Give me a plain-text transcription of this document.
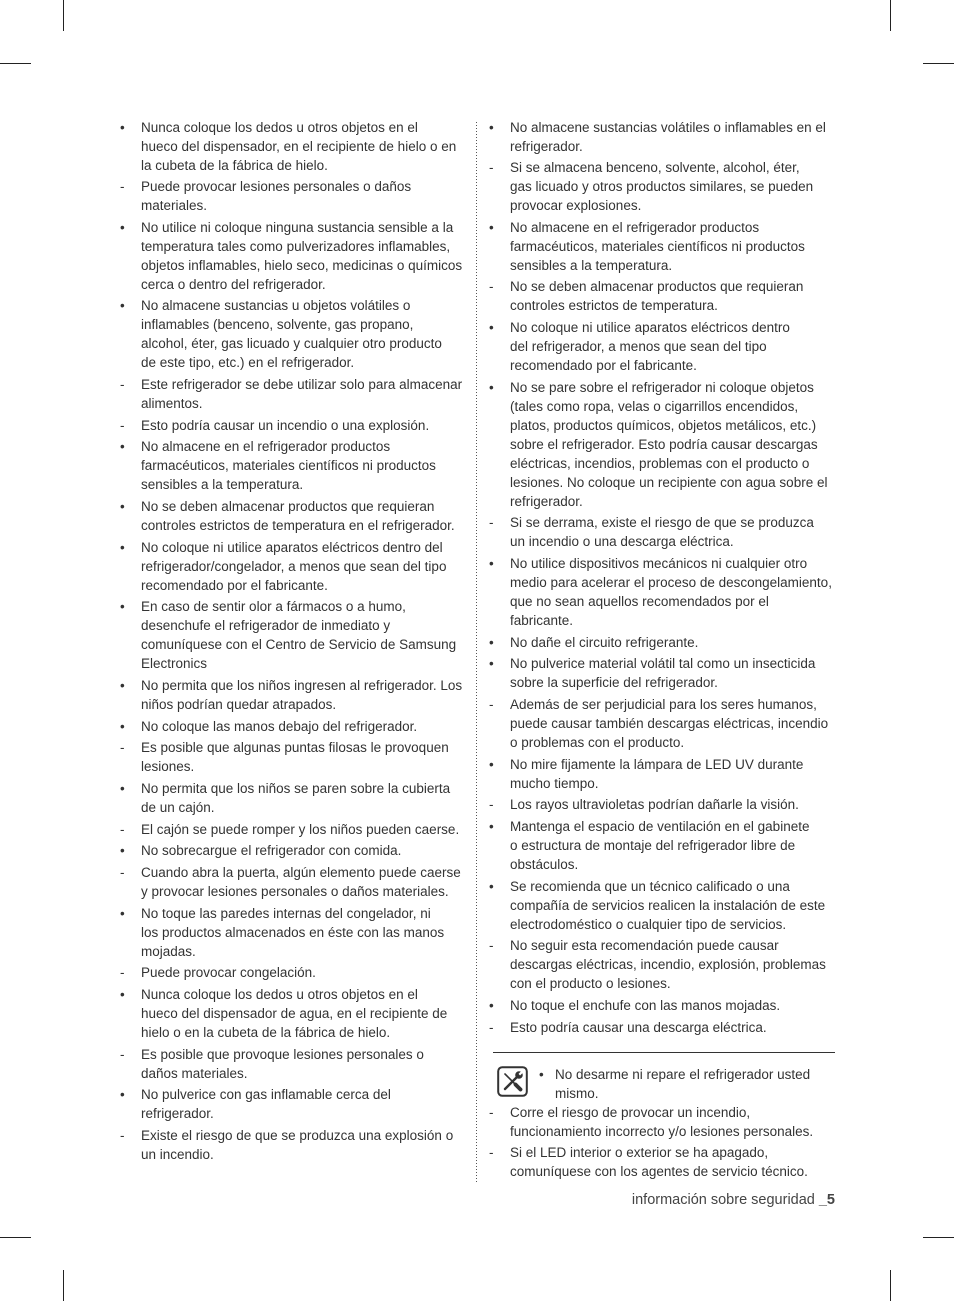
•	Nunca coloque los dedos u otros objetos en el
hueco del dispensador, en el recipiente de hielo o en
la cubeta de la fábrica de hielo.
-	Puede provocar lesiones personales o daños
materiales.
•	No utilice ni coloque ninguna sustancia sensible a la
temperatura tales como pulverizadores inflamables,
objetos inflamables, hielo seco, medicinas o químicos
cerca o dentro del refrigerador.
•	No almacene sustancias u objetos volátiles o
inflamables (benceno, solvente, gas propano,
alcohol, éter, gas licuado y cualquier otro producto
de este tipo, etc.) en el refrigerador.
-	Este refrigerador se debe utilizar solo para almacenar
alimentos.
-	Esto podría causar un incendio o una explosión.
•	No almacene en el refrigerador productos
farmacéuticos, materiales científicos ni productos
sensibles a la temperatura.
•	No se deben almacenar productos que requieran
controles estrictos de temperatura en el refrigerador.
•	No coloque ni utilice aparatos eléctricos dentro del
refrigerador/congelador, a menos que sean del tipo
recomendado por el fabricante.
•	En caso de sentir olor a fármacos o a humo,
desenchufe el refrigerador de inmediato y
comuníquese con el Centro de Servicio de Samsung
Electronics
•	No permita que los niños ingresen al refrigerador. Los
niños podrían quedar atrapados.
•	No coloque las manos debajo del refrigerador.
-	Es posible que algunas puntas filosas le provoquen
lesiones.
•	No permita que los niños se paren sobre la cubierta
de un cajón.
-	El cajón se puede romper y los niños pueden caerse.
•	No sobrecargue el refrigerador con comida.
-	Cuando abra la puerta, algún elemento puede caerse
y provocar lesiones personales o daños materiales.
•	No toque las paredes internas del congelador, ni
los productos almacenados en éste con las manos
mojadas.
-	Puede provocar congelación.
•	Nunca coloque los dedos u otros objetos en el
hueco del dispensador de agua, en el recipiente de
hielo o en la cubeta de la fábrica de hielo.
-	Es posible que provoque lesiones personales o
daños materiales.
•	No pulverice con gas inflamable cerca del
refrigerador.
-	Existe el riesgo de que se produzca una explosión o
un incendio.
•	No almacene sustancias volátiles o inflamables en el
refrigerador.
-	Si se almacena benceno, solvente, alcohol, éter,
gas licuado y otros productos similares, se pueden
provocar explosiones.
•	No almacene en el refrigerador productos
farmacéuticos, materiales científicos ni productos
sensibles a la temperatura.
-	No se deben almacenar productos que requieran
controles estrictos de temperatura.
•	No coloque ni utilice aparatos eléctricos dentro
del refrigerador, a menos que sean del tipo
recomendado por el fabricante.
•	No se pare sobre el refrigerador ni coloque objetos
(tales como ropa, velas o cigarrillos encendidos,
platos, productos químicos, objetos metálicos, etc.)
sobre el refrigerador. Esto podría causar descargas
eléctricas, incendios, problemas con el producto o
lesiones. No coloque un recipiente con agua sobre el
refrigerador.
-	Si se derrama, existe el riesgo de que se produzca
un incendio o una descarga eléctrica.
•	No utilice dispositivos mecánicos ni cualquier otro
medio para acelerar el proceso de descongelamiento,
que no sean aquellos recomendados por el
fabricante.
•	No dañe el circuito refrigerante.
•	No pulverice material volátil tal como un insecticida
sobre la superficie del refrigerador.
-	Además de ser perjudicial para los seres humanos,
puede causar también descargas eléctricas, incendio
o problemas con el producto.
•	No mire fijamente la lámpara de LED UV durante
mucho tiempo.
-	Los rayos ultravioletas podrían dañarle la visión.
•	Mantenga el espacio de ventilación en el gabinete
o estructura de montaje del refrigerador libre de
obstáculos.
•	Se recomienda que un técnico calificado o una
compañía de servicios realicen la instalación de este
electrodoméstico o cualquier tipo de servicios.
-	No seguir esta recomendación puede causar
descargas eléctricas, incendio, explosión, problemas
con el producto o lesiones.
•	No toque el enchufe con las manos mojadas.
-	Esto podría causar una descarga eléctrica.
• No desarme ni repare el refrigerador usted
mismo.
-	Corre el riesgo de provocar un incendio,
funcionamiento incorrecto y/o lesiones personales.
-	Si el LED interior o exterior se ha apagado,
comuníquese con los agentes de servicio técnico.
información sobre seguridad _5
